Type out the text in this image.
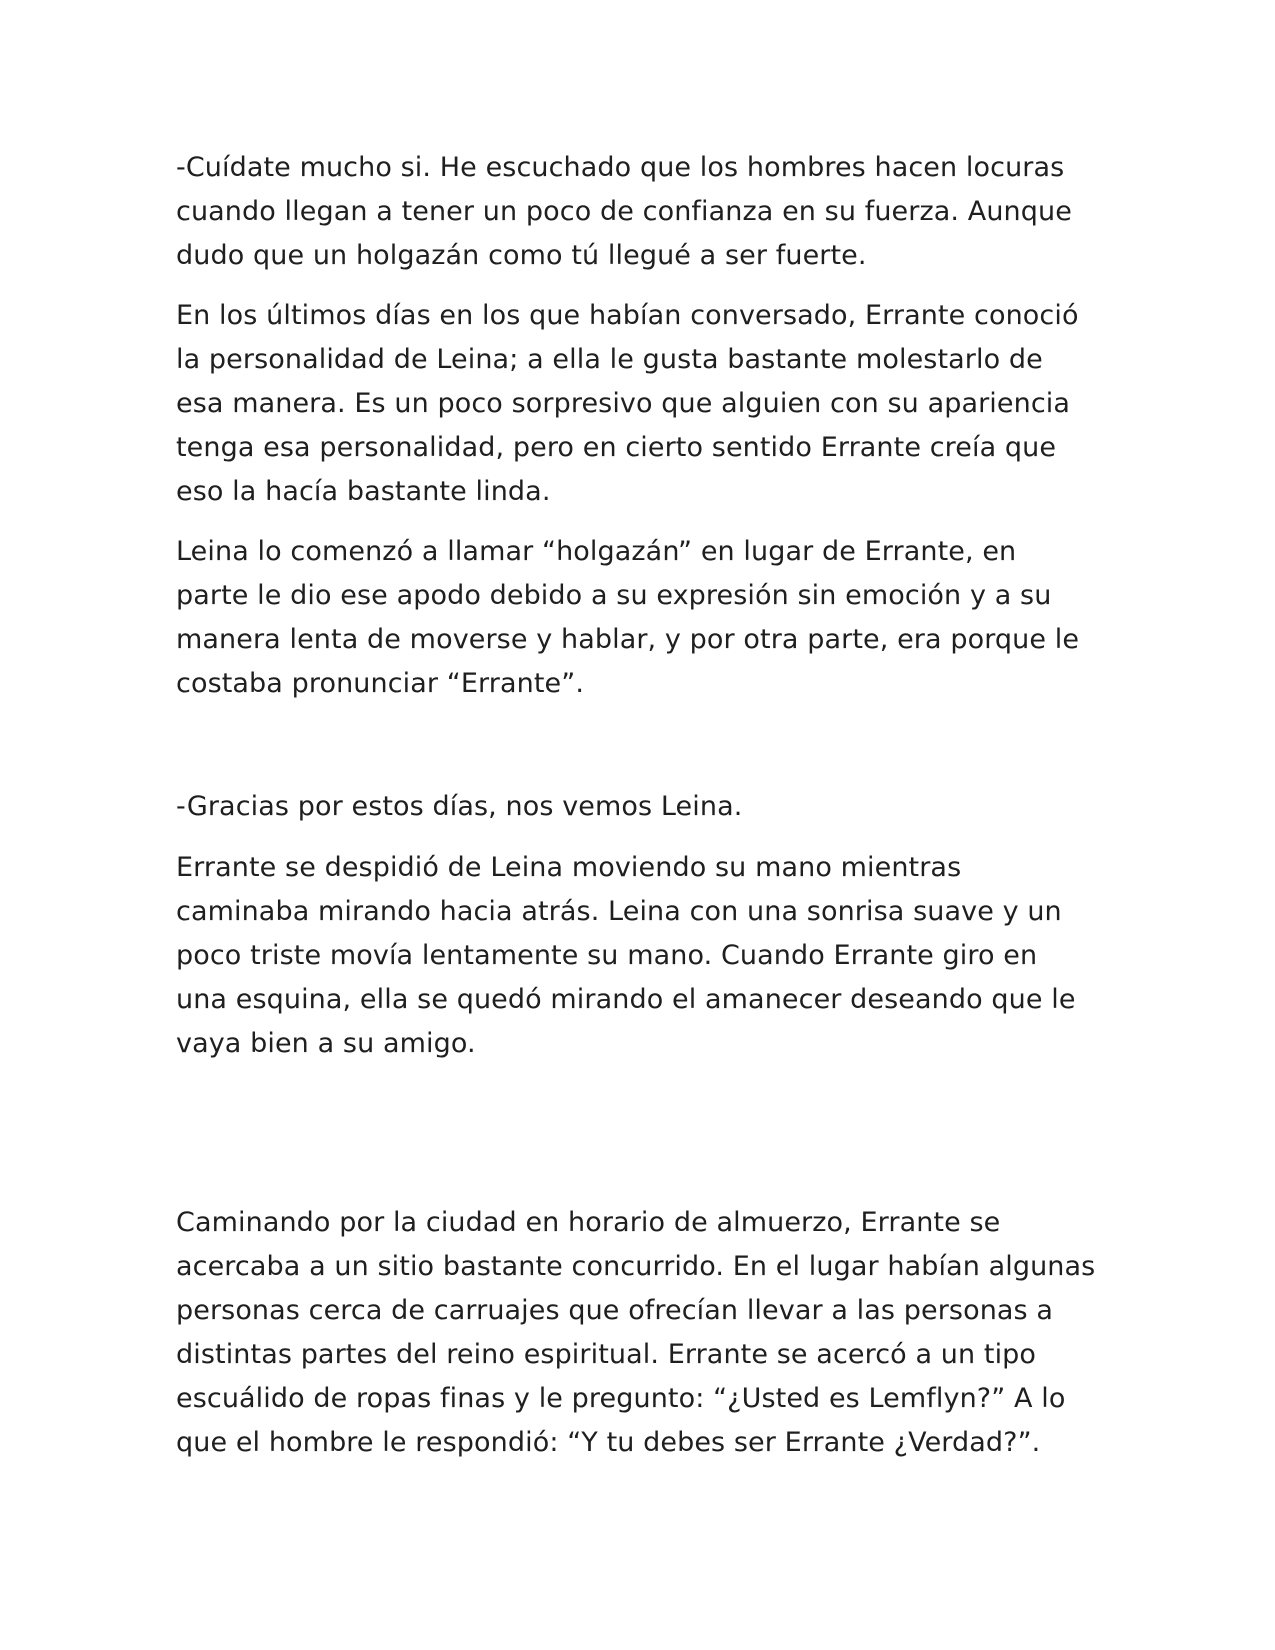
-Cuídate mucho si. He escuchado que los hombres hacen locuras cuando llegan a tener un poco de confianza en su fuerza. Aunque dudo que un holgazán como tú llegué a ser fuerte.

En los últimos días en los que habían conversado, Errante conoció la personalidad de Leina; a ella le gusta bastante molestarlo de esa manera. Es un poco sorpresivo que alguien con su apariencia tenga esa personalidad, pero en cierto sentido Errante creía que eso la hacía bastante linda.

Leina lo comenzó a llamar “holgazán” en lugar de Errante, en parte le dio ese apodo debido a su expresión sin emoción y a su manera lenta de moverse y hablar, y por otra parte, era porque le costaba pronunciar “Errante”.

-Gracias por estos días, nos vemos Leina.

Errante se despidió de Leina moviendo su mano mientras caminaba mirando hacia atrás. Leina con una sonrisa suave y un poco triste movía lentamente su mano. Cuando Errante giro en una esquina, ella se quedó mirando el amanecer deseando que le vaya bien a su amigo.

Caminando por la ciudad en horario de almuerzo, Errante se acercaba a un sitio bastante concurrido. En el lugar habían algunas personas cerca de carruajes que ofrecían llevar a las personas a distintas partes del reino espiritual. Errante se acercó a un tipo escuálido de ropas finas y le pregunto: “¿Usted es Lemflyn?” A lo que el hombre le respondió: “Y tu debes ser Errante ¿Verdad?”.
